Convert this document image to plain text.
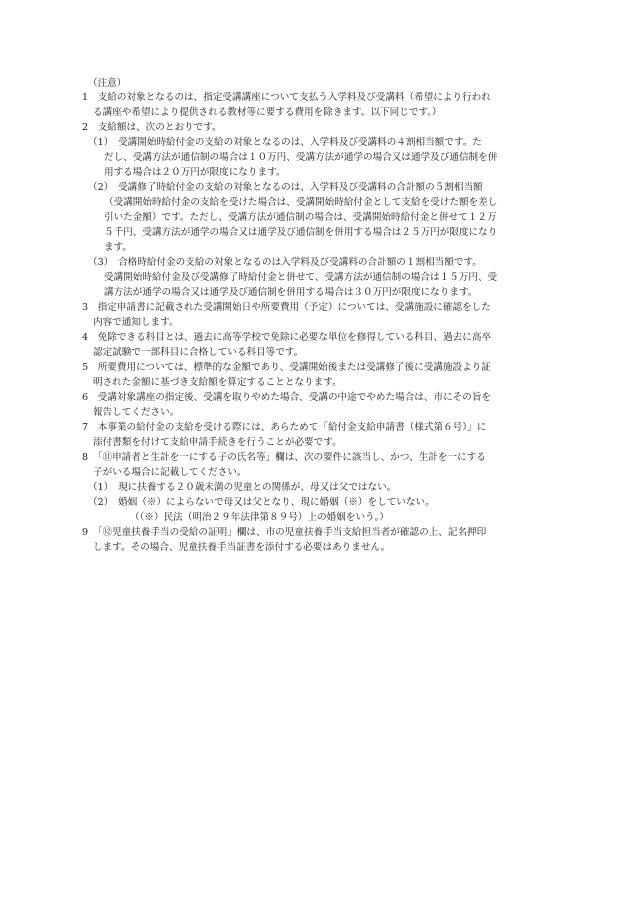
（注意）
1　支給の対象となるのは、指定受講講座について支払う入学料及び受講料（希望により行われ
る講座や希望により提供される教材等に要する費用を除きます。以下同じです。）
2　支給額は、次のとおりです。
（1）　受講開始時給付金の支給の対象となるのは、入学料及び受講料の４割相当額です。た
だし、受講方法が通信制の場合は１０万円、受講方法が通学の場合又は通学及び通信制を併
用する場合は２０万円が限度になります。
（2）　受講修了時給付金の支給の対象となるのは、入学料及び受講料の合計額の５割相当額
（受講開始時給付金の支給を受けた場合は、受講開始時給付金として支給を受けた額を差し
引いた金額）です。ただし、受講方法が通信制の場合は、受講開始時給付金と併せて１２万
５千円、受講方法が通学の場合又は通学及び通信制を併用する場合は２５万円が限度になり
ます。
（3）　合格時給付金の支給の対象となるのは入学料及び受講料の合計額の１割相当額です。
受講開始時給付金及び受講修了時給付金と併せて、受講方法が通信制の場合は１５万円、受
講方法が通学の場合又は通学及び通信制を併用する場合は３０万円が限度になります。
3　指定申請書に記載された受講開始日や所要費用（予定）については、受講施設に確認をした
内容で通知します。
4　免除できる科目とは、過去に高等学校で免除に必要な単位を修得している科目、過去に高卒
認定試験で一部科目に合格している科目等です。
5　所要費用については、標準的な金額であり、受講開始後または受講修了後に受講施設より証
明された金額に基づき支給額を算定することとなります。
6　受講対象講座の指定後、受講を取りやめた場合、受講の中途でやめた場合は、市にその旨を
報告してください。
7　本事業の給付金の支給を受ける際には、あらためて「給付金支給申請書（様式第６号）」に
添付書類を付けて支給申請手続きを行うことが必要です。
8　「⑪申請者と生計を一にする子の氏名等」欄は、次の要件に該当し、かつ、生計を一にする
子がいる場合に記載してください。
（1）　現に扶養する２０歳未満の児童との関係が、母又は父ではない。
（2）　婚姻（※）によらないで母又は父となり、現に婚姻（※）をしていない。
（（※）民法（明治２９年法律第８９号）上の婚姻をいう。）
9　「⑫児童扶養手当の受給の証明」欄は、市の児童扶養手当支給担当者が確認の上、記名押印
します。その場合、児童扶養手当証書を添付する必要はありません。
